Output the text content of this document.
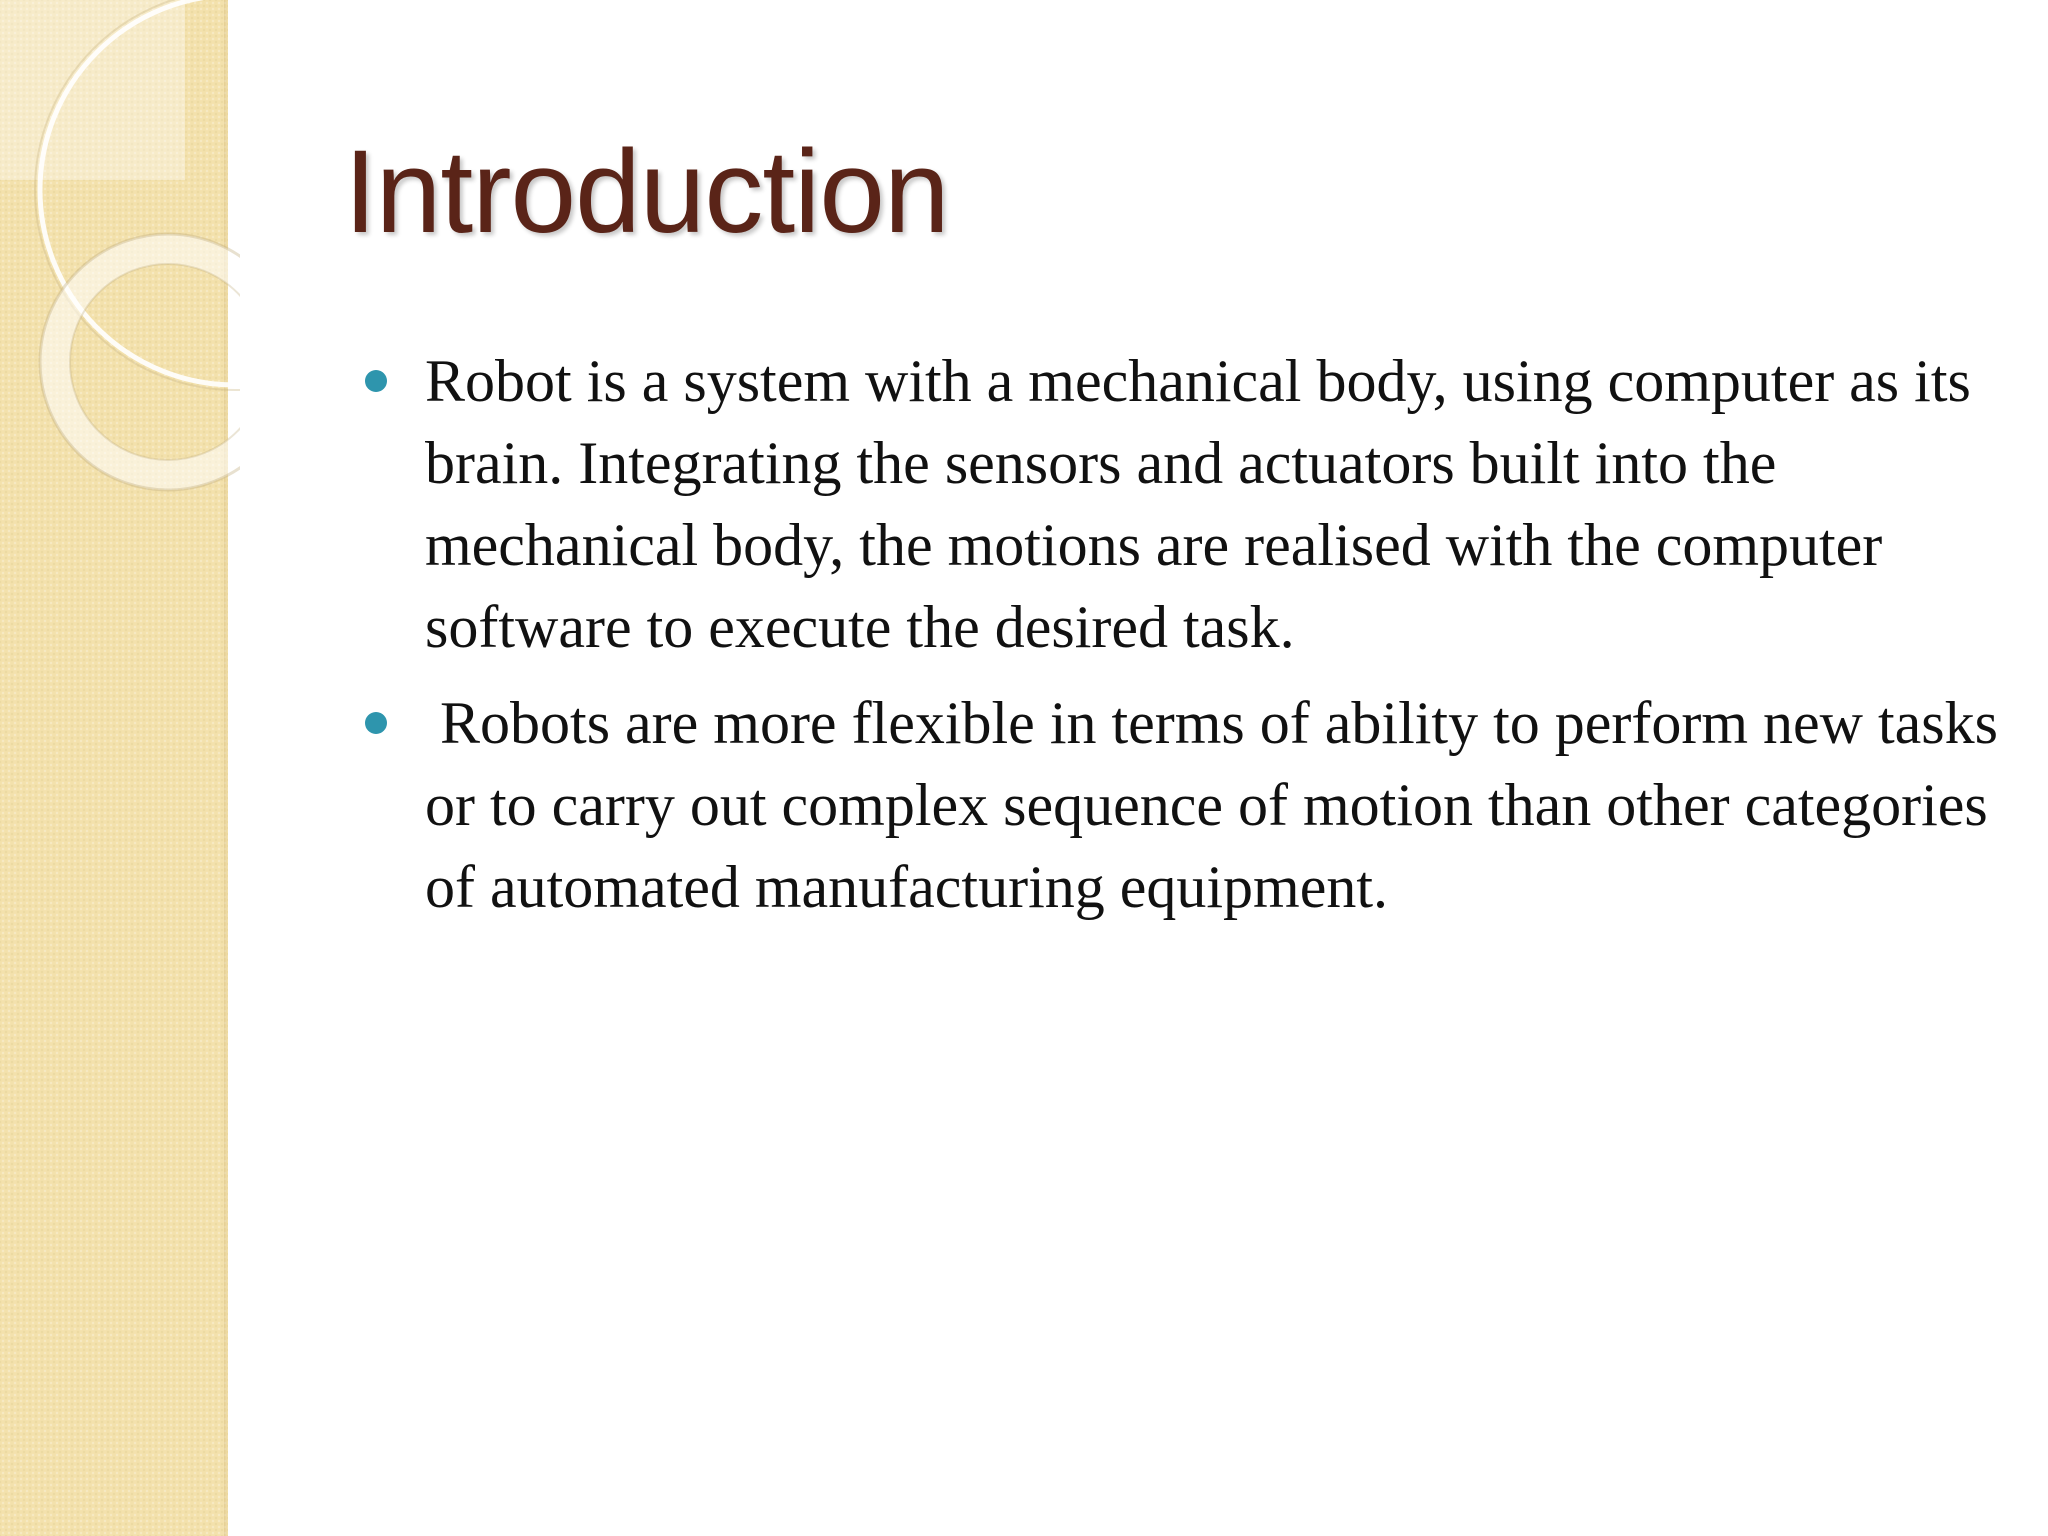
Introduction
Robot is a system with a mechanical body, using computer as its brain. Integrating the sensors and actuators built into the mechanical body, the motions are realised with the computer software to execute the desired task.
Robots are more flexible in terms of ability to perform new tasks or to carry out complex sequence of motion than other categories of automated manufacturing equipment.
